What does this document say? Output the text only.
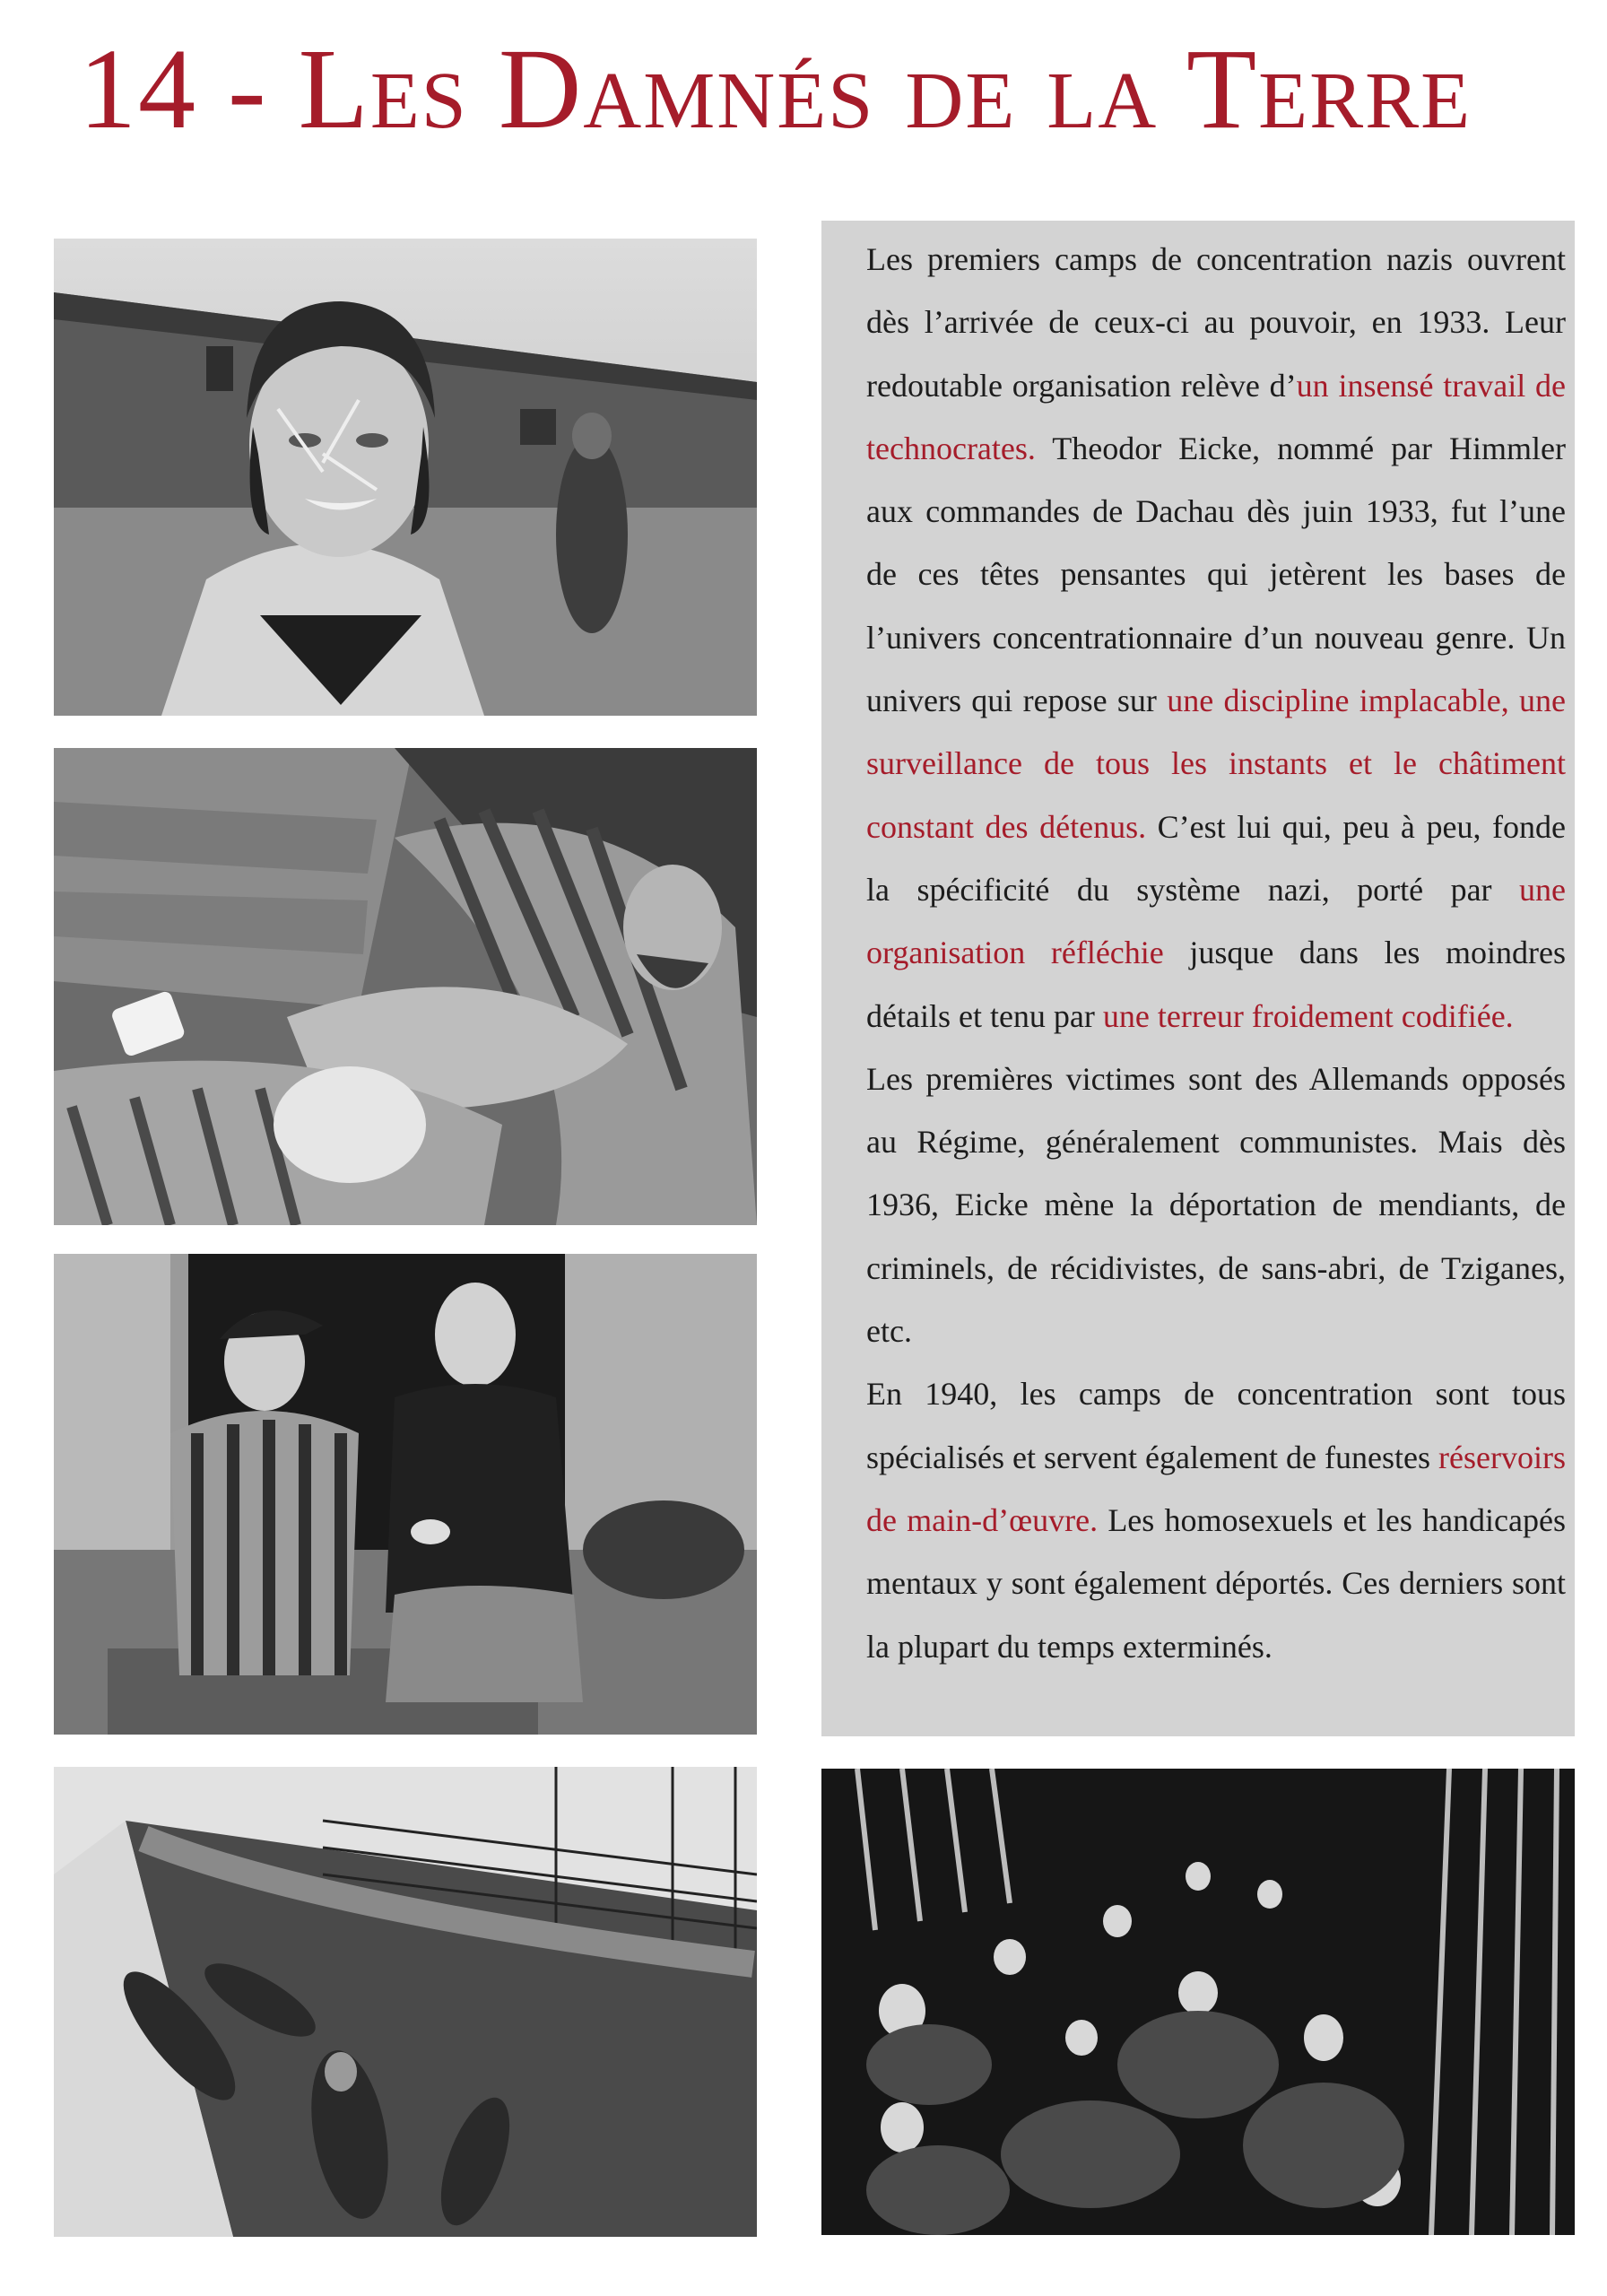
14 - Les Damnés de la Terre

Les premiers camps de concentration nazis ouvrent dès l’arrivée de ceux-ci au pouvoir, en 1933. Leur redoutable organisation relève d’un insensé travail de technocrates. Theodor Eicke, nommé par Himmler aux commandes de Dachau dès juin 1933, fut l’une de ces têtes pensantes qui jetèrent les bases de l’univers concentrationnaire d’un nouveau genre. Un univers qui repose sur une discipline implacable, une surveillance de tous les instants et le châtiment constant des détenus. C’est lui qui, peu à peu, fonde la spécificité du système nazi, porté par une organisation réfléchie jusque dans les moindres détails et tenu par une terreur froidement codifiée.

Les premières victimes sont des Allemands opposés au Régime, généralement communistes. Mais dès 1936, Eicke mène la déportation de mendiants, de criminels, de récidivistes, de sans-abri, de Tziganes, etc.

En 1940, les camps de concentration sont tous spécialisés et servent également de funestes réservoirs de main-d’œuvre. Les homosexuels et les handicapés mentaux y sont également déportés. Ces derniers sont la plupart du temps exterminés.
